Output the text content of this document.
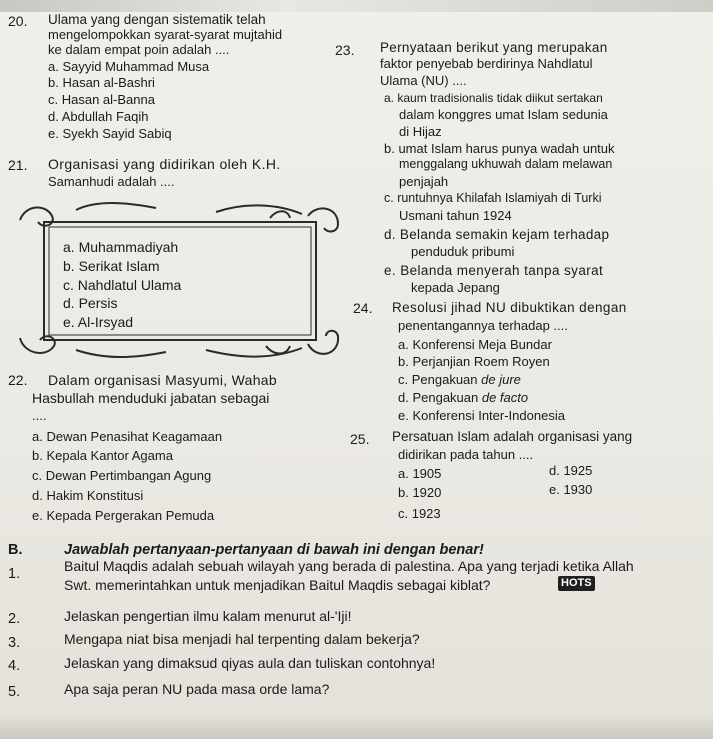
20. Ulama yang dengan sistematik telah
mengelompokkan syarat-syarat mujtahid
ke dalam empat poin adalah ....
a. Sayyid Muhammad Musa
b. Hasan al-Bashri
c. Hasan al-Banna
d. Abdullah Faqih
e. Syekh Sayid Sabiq
21. Organisasi yang didirikan oleh K.H.
Samanhudi adalah ....
a. Muhammadiyah
b. Serikat Islam
c. Nahdlatul Ulama
d. Persis
e. Al-Irsyad
22. Dalam organisasi Masyumi, Wahab
Hasbullah menduduki jabatan sebagai
....
a. Dewan Penasihat Keagamaan
b. Kepala Kantor Agama
c. Dewan Pertimbangan Agung
d. Hakim Konstitusi
e. Kepada Pergerakan Pemuda
23. Pernyataan berikut yang merupakan
faktor penyebab berdirinya Nahdlatul
Ulama (NU) ....
a. kaum tradisionalis tidak diikut sertakan
dalam konggres umat Islam sedunia
di Hijaz
b. umat Islam harus punya wadah untuk
menggalang ukhuwah dalam melawan
penjajah
c. runtuhnya Khilafah Islamiyah di Turki
Usmani tahun 1924
d. Belanda semakin kejam terhadap
penduduk pribumi
e. Belanda menyerah tanpa syarat
kepada Jepang
24. Resolusi jihad NU dibuktikan dengan
penentangannya terhadap ....
a. Konferensi Meja Bundar
b. Perjanjian Roem Royen
c. Pengakuan de jure
d. Pengakuan de facto
e. Konferensi Inter-Indonesia
25. Persatuan Islam adalah organisasi yang
didirikan pada tahun ....
a. 1905
b. 1920
c. 1923
d. 1925
e. 1930
B.	Jawablah pertanyaan-pertanyaan di bawah ini dengan benar!
1.	Baitul Maqdis adalah sebuah wilayah yang berada di palestina. Apa yang terjadi ketika Allah
Swt. memerintahkan untuk menjadikan Baitul Maqdis sebagai kiblat?	HOTS
2.	Jelaskan pengertian ilmu kalam menurut al-'Iji!
3.	Mengapa niat bisa menjadi hal terpenting dalam bekerja?
4.	Jelaskan yang dimaksud qiyas aula dan tuliskan contohnya!
5.	Apa saja peran NU pada masa orde lama?
